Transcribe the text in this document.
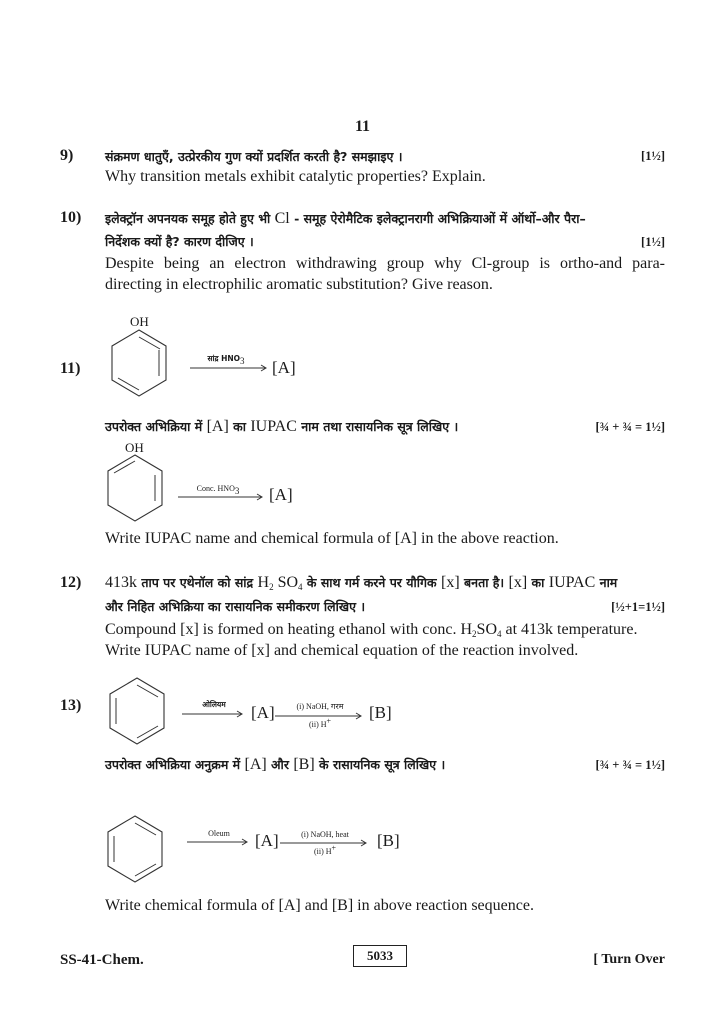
11
9)	संक्रमण धातुएँ, उत्प्रेरकीय गुण क्यों प्रदर्शित करती है? समझाइए ।	[1½]
Why transition metals exhibit catalytic properties? Explain.
10) इलेक्ट्रॉन अपनयक समूह होते हुए भी Cl - समूह ऐरोमैटिक इलेक्ट्रानरागी अभिक्रियाओं में ऑर्थो–और पैरा–
निर्देशक क्यों है? कारण दीजिए ।	[1½]
Despite being an electron withdrawing group why Cl-group is ortho-and para-
directing in electrophilic aromatic substitution? Give reason.
11)
OH
सांद्र $HNO_3$	[A]
उपरोक्त अभिक्रिया में [A] का IUPAC नाम तथा रासायनिक सूत्र लिखिए ।	[¾ + ¾ = 1½]
OH
Conc. $HNO_3$	[A]
Write IUPAC name and chemical formula of [A] in the above reaction.
12) 413k ताप पर एथेनॉल को सांद्र $H_2$ $SO_4$ के साथ गर्म करने पर यौगिक [x] बनता है। [x] का IUPAC नाम
और निहित अभिक्रिया का रासायनिक समीकरण लिखिए ।	[½+1=1½]
Compound [x] is formed on heating ethanol with conc. $H_2SO_4$ at 413k temperature.
Write IUPAC name of [x] and chemical equation of the reaction involved.
13)	ओलियम	[A]	(i) NaOH, गरम
(ii) H+	[B]
उपरोक्त अभिक्रिया अनुक्रम में [A] और [B] के रासायनिक सूत्र लिखिए ।	[¾ + ¾ = 1½]
Oleum	[A]	(i) NaOH, heat
(ii) H+	[B]
Write chemical formula of [A] and [B] in above reaction sequence.
SS-41-Chem.	5033	[ Turn Over
